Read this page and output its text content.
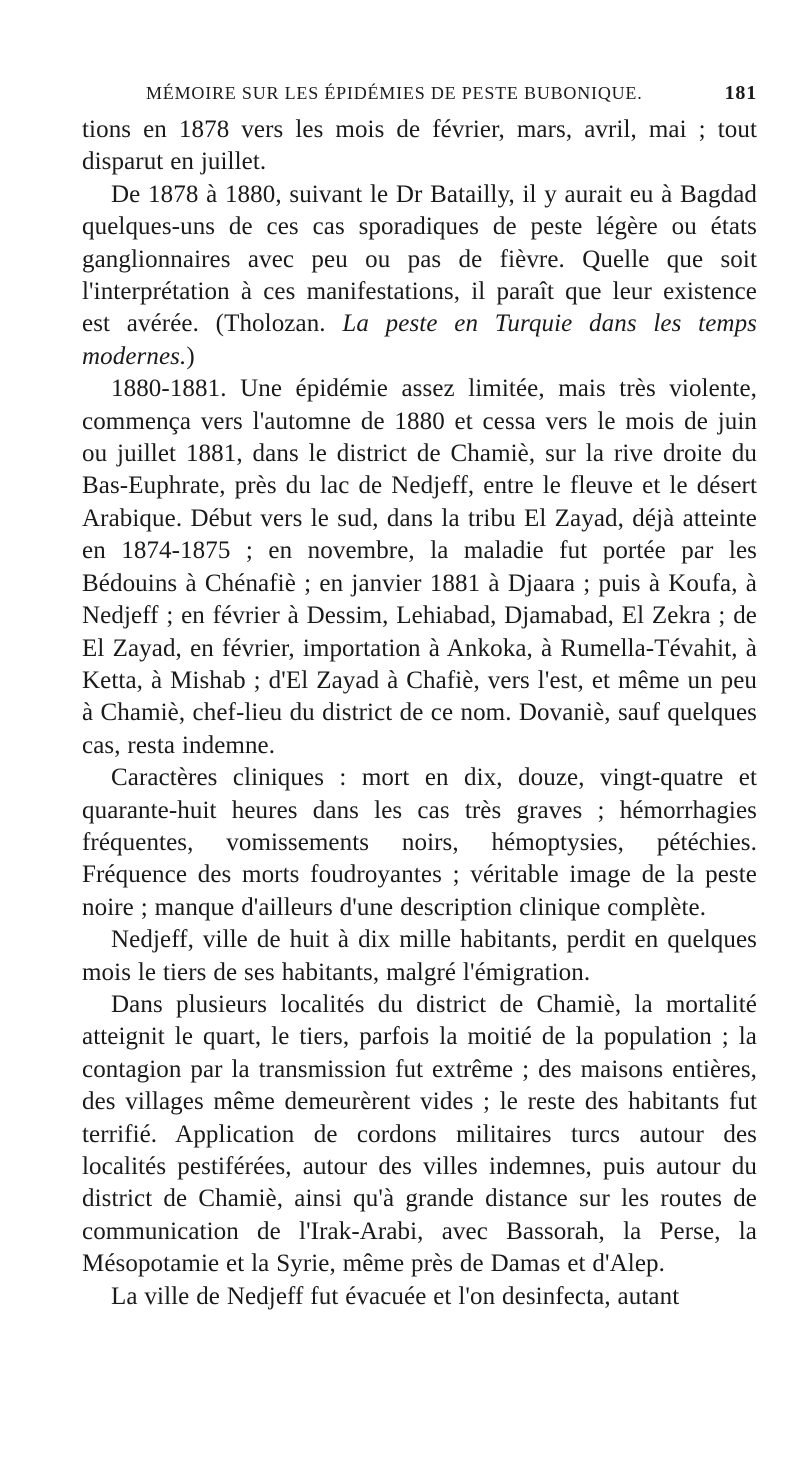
MÉMOIRE SUR LES ÉPIDÉMIES DE PESTE BUBONIQUE.	181

tions en 1878 vers les mois de février, mars, avril, mai ; tout disparut en juillet.

De 1878 à 1880, suivant le Dr Batailly, il y aurait eu à Bagdad quelques-uns de ces cas sporadiques de peste légère ou états ganglionnaires avec peu ou pas de fièvre. Quelle que soit l'interprétation à ces manifestations, il paraît que leur existence est avérée. (Tholozan. La peste en Turquie dans les temps modernes.)

1880-1881. Une épidémie assez limitée, mais très violente, commença vers l'automne de 1880 et cessa vers le mois de juin ou juillet 1881, dans le district de Chamiè, sur la rive droite du Bas-Euphrate, près du lac de Nedjeff, entre le fleuve et le désert Arabique. Début vers le sud, dans la tribu El Zayad, déjà atteinte en 1874-1875 ; en novembre, la maladie fut portée par les Bédouins à Chénafiè ; en janvier 1881 à Djaara ; puis à Koufa, à Nedjeff ; en février à Dessim, Lehiabad, Djamabad, El Zekra ; de El Zayad, en février, importation à Ankoka, à Rumella-Tévahit, à Ketta, à Mishab ; d'El Zayad à Chafiè, vers l'est, et même un peu à Chamiè, chef-lieu du district de ce nom. Dovaniè, sauf quelques cas, resta indemne.

Caractères cliniques : mort en dix, douze, vingt-quatre et quarante-huit heures dans les cas très graves ; hémorrhagies fréquentes, vomissements noirs, hémoptysies, pétéchies. Fréquence des morts foudroyantes ; véritable image de la peste noire ; manque d'ailleurs d'une description clinique complète.

Nedjeff, ville de huit à dix mille habitants, perdit en quelques mois le tiers de ses habitants, malgré l'émigration.

Dans plusieurs localités du district de Chamiè, la mortalité atteignit le quart, le tiers, parfois la moitié de la population ; la contagion par la transmission fut extrême ; des maisons entières, des villages même demeurèrent vides ; le reste des habitants fut terrifié. Application de cordons militaires turcs autour des localités pestiférées, autour des villes indemnes, puis autour du district de Chamiè, ainsi qu'à grande distance sur les routes de communication de l'Irak-Arabi, avec Bassorah, la Perse, la Mésopotamie et la Syrie, même près de Damas et d'Alep.

La ville de Nedjeff fut évacuée et l'on desinfecta, autant
